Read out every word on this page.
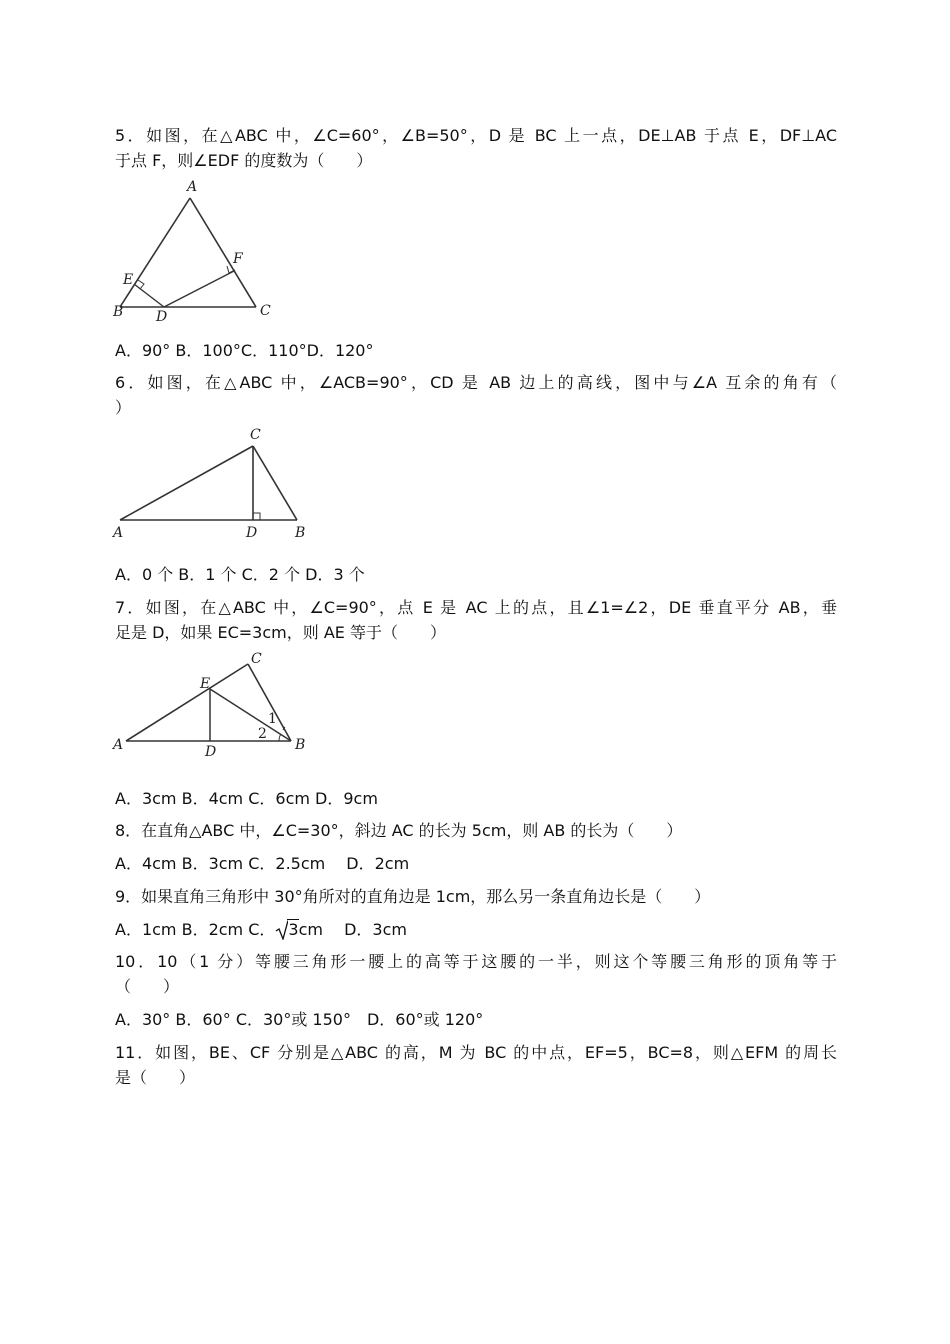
5．如图，在△ABC 中，∠C=60°，∠B=50°，D 是 BC 上一点，DE⊥AB 于点 E，DF⊥AC
于点 F，则∠EDF 的度数为（　　）
A
B	C
D
E
F
A．90° B．100°C．110°D．120°
6．如图，在△ABC 中，∠ACB=90°，CD 是 AB 边上的高线，图中与∠A 互余的角有（
）
C
A	D	B
A．0 个 B．1 个 C．2 个 D．3 个
7．如图，在△ABC 中，∠C=90°，点 E 是 AC 上的点，且∠1=∠2，DE 垂直平分 AB，垂
足是 D，如果 EC=3cm，则 AE 等于（　　）
C
E
A	D	B
1
2
A．3cm B．4cm C．6cm D．9cm
8．在直角△ABC 中，∠C=30°，斜边 AC 的长为 5cm，则 AB 的长为（　　）
A．4cm B．3cm C．2.5cm　 D．2cm
9．如果直角三角形中 30°角所对的直角边是 1cm，那么另一条直角边长是（　　）
A．1cm B．2cm C． 3cm　 D．3cm
10．10（1 分）等腰三角形一腰上的高等于这腰的一半，则这个等腰三角形的顶角等于
（　　）
A．30° B．60° C．30°或 150°　D．60°或 120°
11．如图，BE、CF 分别是△ABC 的高，M 为 BC 的中点，EF=5，BC=8，则△EFM 的周长
是（　　）
